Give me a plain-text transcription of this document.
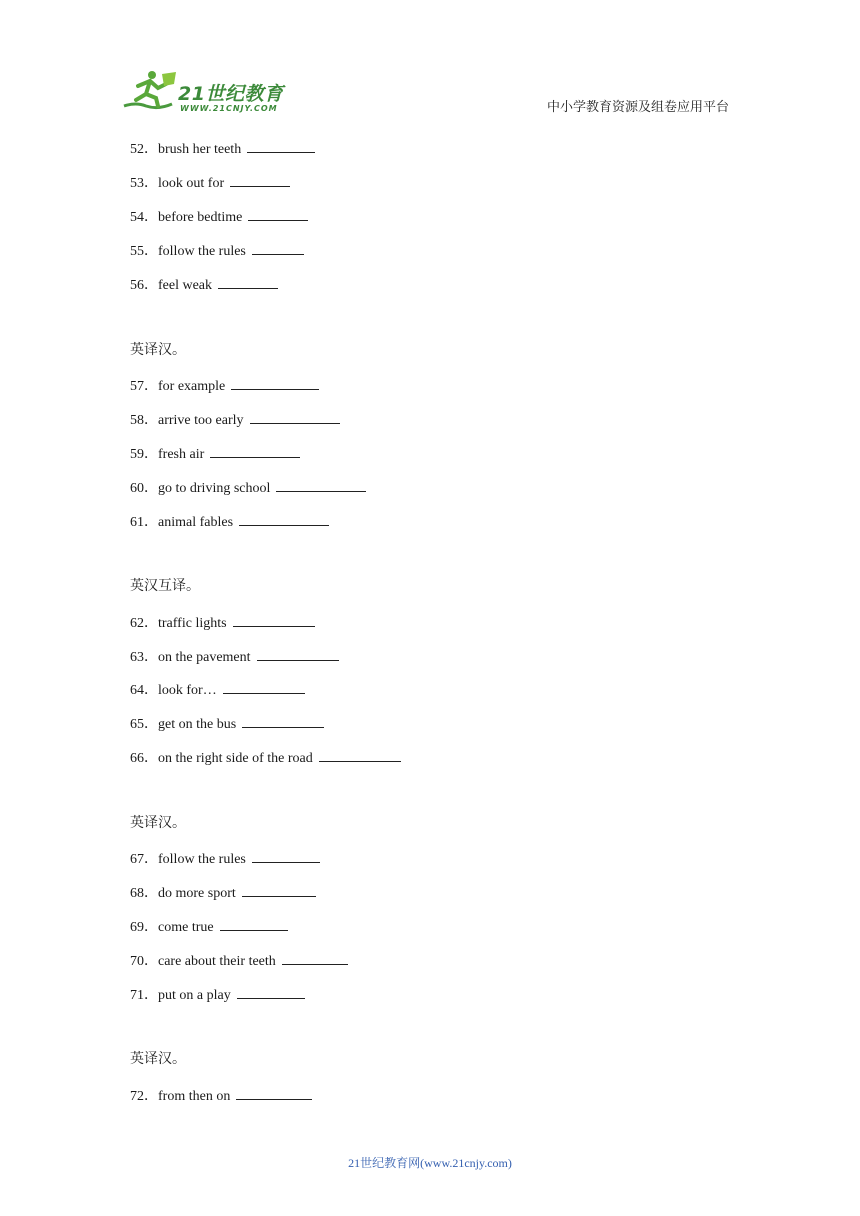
21世纪教育
WWW.21CNJY.COM	中小学教育资源及组卷应用平台
52．brush her teeth
53．look out for
54．before bedtime
55．follow the rules
56．feel weak
英译汉。
57．for example
58．arrive too early
59．fresh air
60．go to driving school
61．animal fables
英汉互译。
62．traffic lights
63．on the pavement
64．look for…
65．get on the bus
66．on the right side of the road
英译汉。
67．follow the rules
68．do more sport
69．come true
70．care about their teeth
71．put on a play
英译汉。
72．from then on
21世纪教育网(www.21cnjy.com)
